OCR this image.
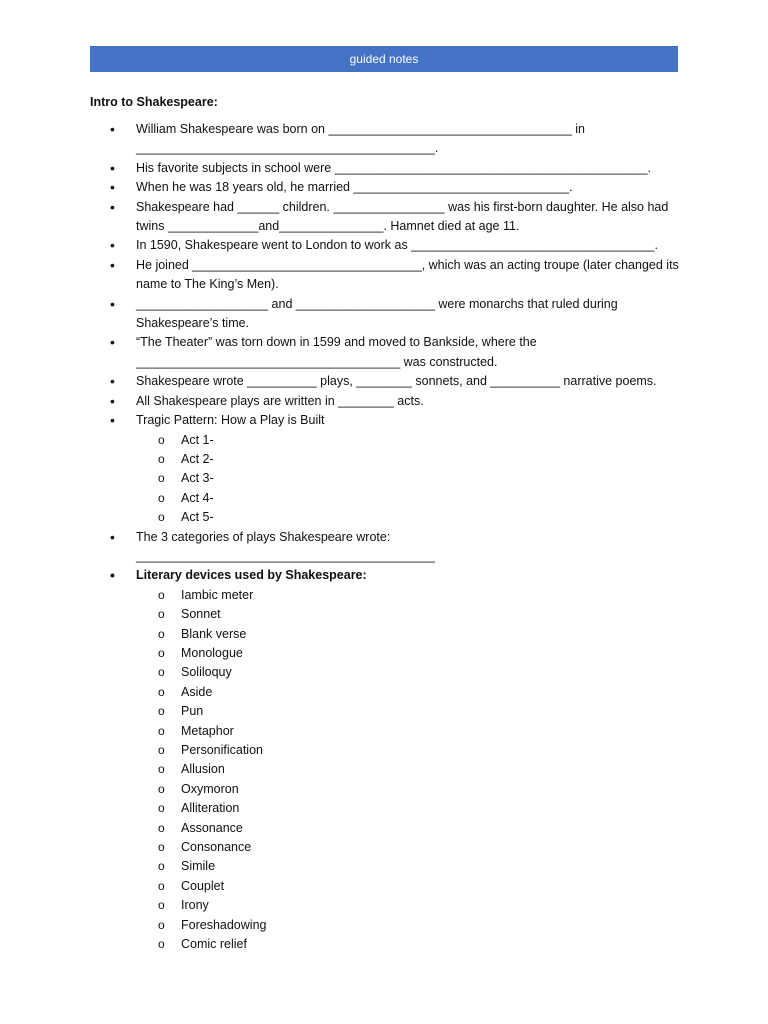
guided notes
Intro to Shakespeare:
• William Shakespeare was born on ___________________________________ in ___________________________________________.
• His favorite subjects in school were _____________________________________________.
• When he was 18 years old, he married _______________________________.
• Shakespeare had ______ children. ________________ was his first-born daughter. He also had twins _____________and_______________. Hamnet died at age 11.
• In 1590, Shakespeare went to London to work as ___________________________________.
• He joined _________________________________, which was an acting troupe (later changed its name to The King’s Men).
• ___________________ and ____________________ were monarchs that ruled during Shakespeare’s time.
• “The Theater” was torn down in 1599 and moved to Bankside, where the ______________________________________ was constructed.
• Shakespeare wrote __________ plays, ________ sonnets, and __________ narrative poems.
• All Shakespeare plays are written in ________ acts.
• Tragic Pattern: How a Play is Built
o Act 1-
o Act 2-
o Act 3-
o Act 4-
o Act 5-
• The 3 categories of plays Shakespeare wrote: ___________________________________________
• Literary devices used by Shakespeare:
o Iambic meter
o Sonnet
o Blank verse
o Monologue
o Soliloquy
o Aside
o Pun
o Metaphor
o Personification
o Allusion
o Oxymoron
o Alliteration
o Assonance
o Consonance
o Simile
o Couplet
o Irony
o Foreshadowing
o Comic relief
